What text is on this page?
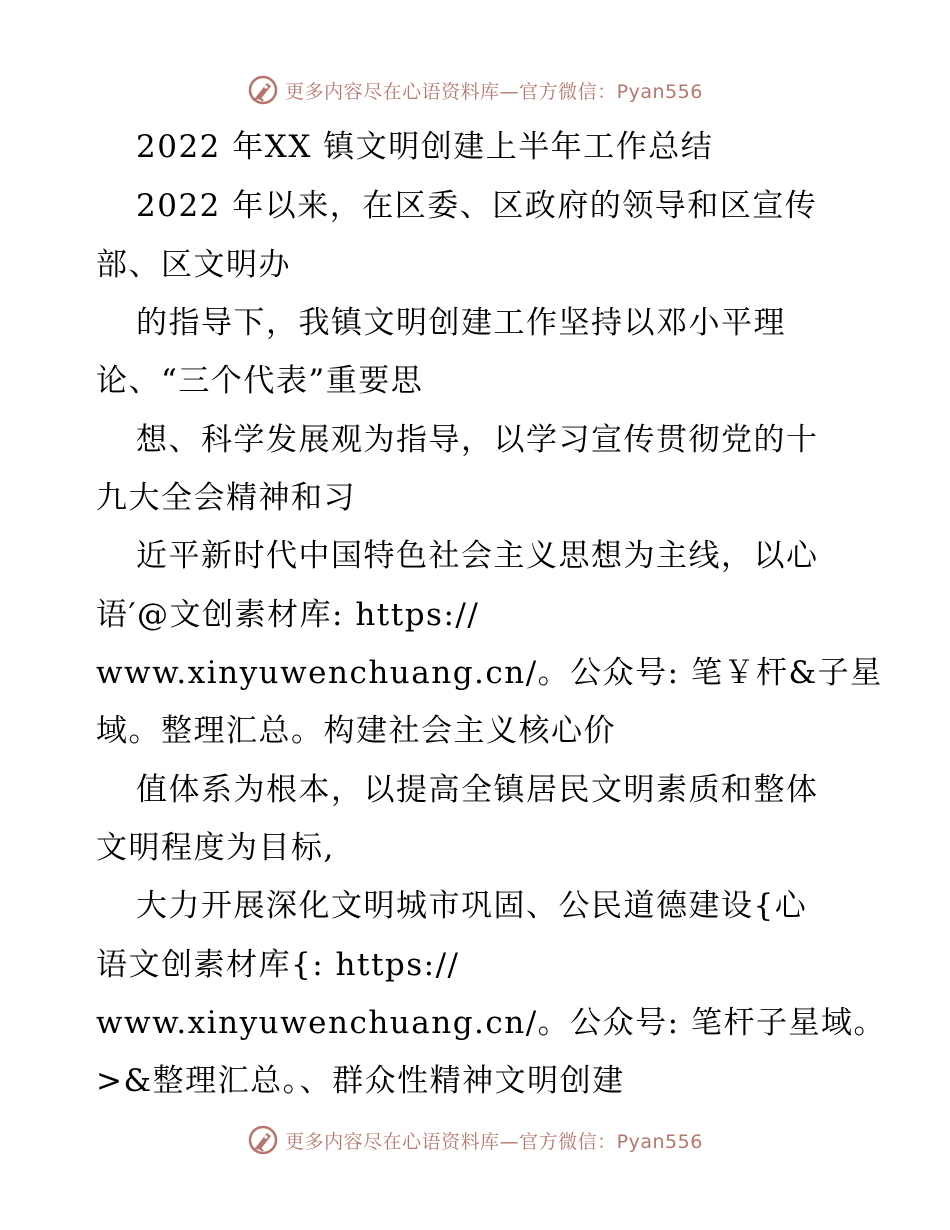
更多内容尽在心语资料库—官方微信：Pyan556
2022 年XX 镇文明创建上半年工作总结
2022 年以来，在区委、区政府的领导和区宣传
部、区文明办
的指导下，我镇文明创建工作坚持以邓小平理
论、“三个代表”重要思
想、科学发展观为指导，以学习宣传贯彻党的十
九大全会精神和习
近平新时代中国特色社会主义思想为主线，以心
语′@文创素材库: https://
www.xinyuwenchuang.cn/。公众号: 笔￥杆&子星
域。整理汇总。构建社会主义核心价
值体系为根本，以提高全镇居民文明素质和整体
文明程度为目标,
大力开展深化文明城市巩固、公民道德建设{心
语文创素材库{: https://
www.xinyuwenchuang.cn/。公众号: 笔杆子星域。
>&整理汇总。、群众性精神文明创建
更多内容尽在心语资料库—官方微信：Pyan556
